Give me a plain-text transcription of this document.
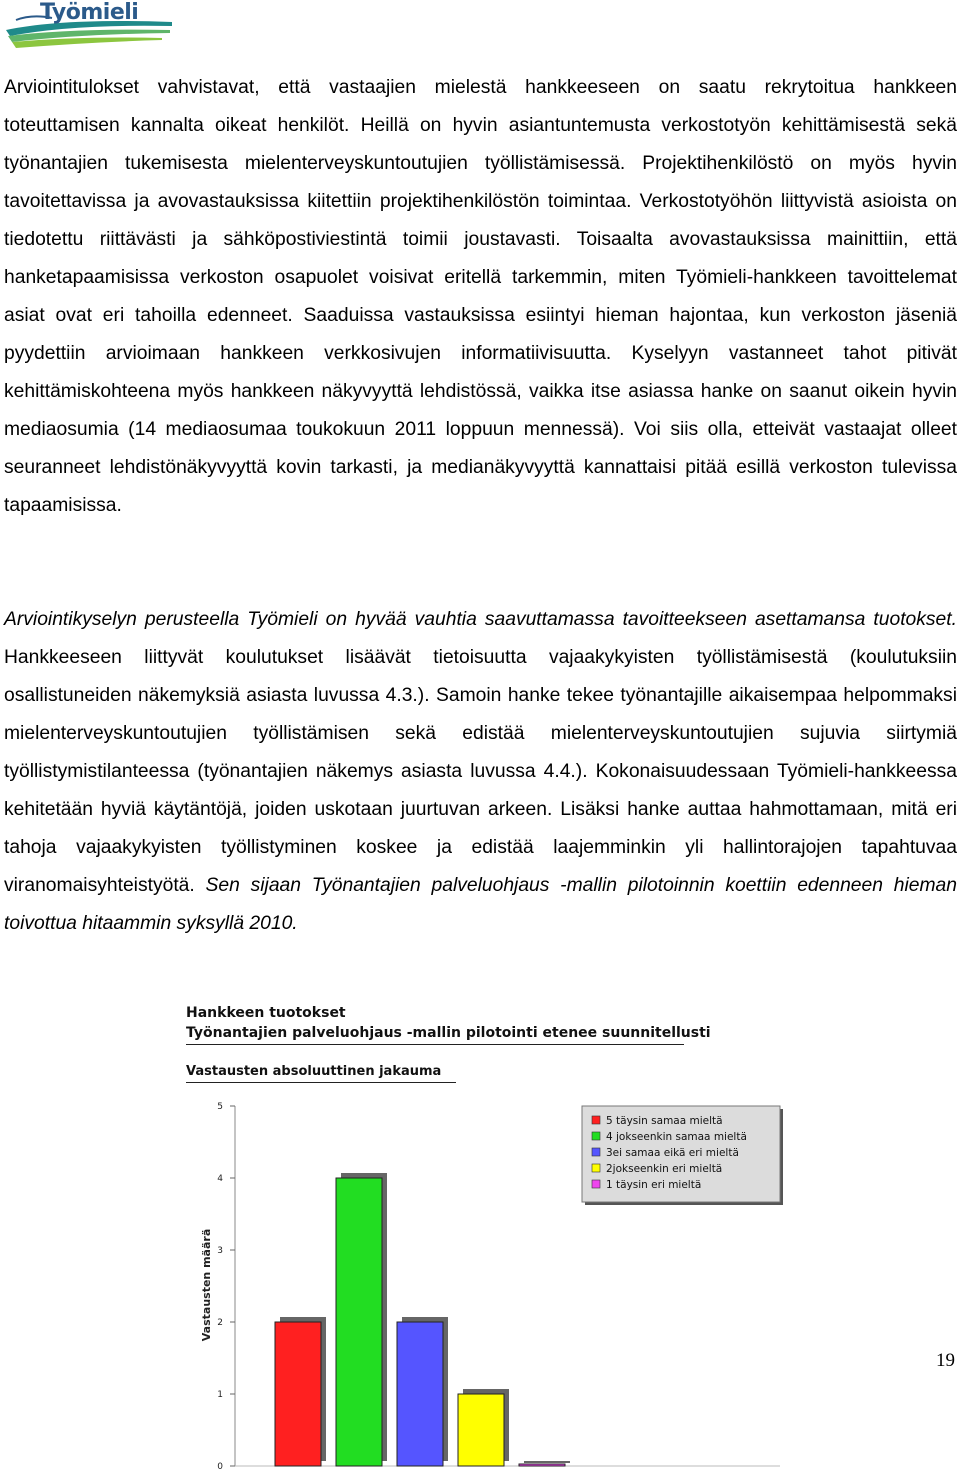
Työmieli

Arviointitulokset vahvistavat, että vastaajien mielestä hankkeeseen on saatu rekrytoitua hankkeen toteuttamisen kannalta oikeat henkilöt. Heillä on hyvin asiantuntemusta verkostotyön kehittämisestä sekä työnantajien tukemisesta mielenterveyskuntoutujien työllistämisessä. Projektihenkilöstö on myös hyvin tavoitettavissa ja avovastauksissa kiitettiin projektihenkilöstön toimintaa. Verkostotyöhön liittyvistä asioista on tiedotettu riittävästi ja sähköpostiviestintä toimii joustavasti. Toisaalta avovastauksissa mainittiin, että hanketapaamisissa verkoston osapuolet voisivat eritellä tarkemmin, miten Työmieli-hankkeen tavoittelemat asiat ovat eri tahoilla edenneet. Saaduissa vastauksissa esiintyi hieman hajontaa, kun verkoston jäseniä pyydettiin arvioimaan hankkeen verkkosivujen informatiivisuutta. Kyselyyn vastanneet tahot pitivät kehittämiskohteena myös hankkeen näkyvyyttä lehdistössä, vaikka itse asiassa hanke on saanut oikein hyvin mediaosumia (14 mediaosumaa toukokuun 2011 loppuun mennessä). Voi siis olla, etteivät vastaajat olleet seuranneet lehdistönäkyvyyttä kovin tarkasti, ja medianäkyvyyttä kannattaisi pitää esillä verkoston tulevissa tapaamisissa.

Arviointikyselyn perusteella Työmieli on hyvää vauhtia saavuttamassa tavoitteekseen asettamansa tuotokset. Hankkeeseen liittyvät koulutukset lisäävät tietoisuutta vajaakykyisten työllistämisestä (koulutuksiin osallistuneiden näkemyksiä asiasta luvussa 4.3.). Samoin hanke tekee työnantajille aikaisempaa helpommaksi mielenterveyskuntoutujien työllistämisen sekä edistää mielenterveyskuntoutujien sujuvia siirtymiä työllistymistilanteessa (työnantajien näkemys asiasta luvussa 4.4.). Kokonaisuudessaan Työmieli-hankkeessa kehitetään hyviä käytäntöjä, joiden uskotaan juurtuvan arkeen. Lisäksi hanke auttaa hahmottamaan, mitä eri tahoja vajaakykyisten työllistyminen koskee ja edistää laajemminkin yli hallintorajojen tapahtuvaa viranomaisyhteistyötä. Sen sijaan Työnantajien palveluohjaus -mallin pilotoinnin koettiin edenneen hieman toivottua hitaammin syksyllä 2010.

Hankkeen tuotokset
Työnantajien palveluohjaus -mallin pilotointi etenee suunnitellusti
Vastausten absoluuttinen jakauma
Vastausten määrä
0
1
2
3
4
5
5 täysin samaa mieltä
4 jokseenkin samaa mieltä
3ei samaa eikä eri mieltä
2jokseenkin eri mieltä
1 täysin eri mieltä
19
